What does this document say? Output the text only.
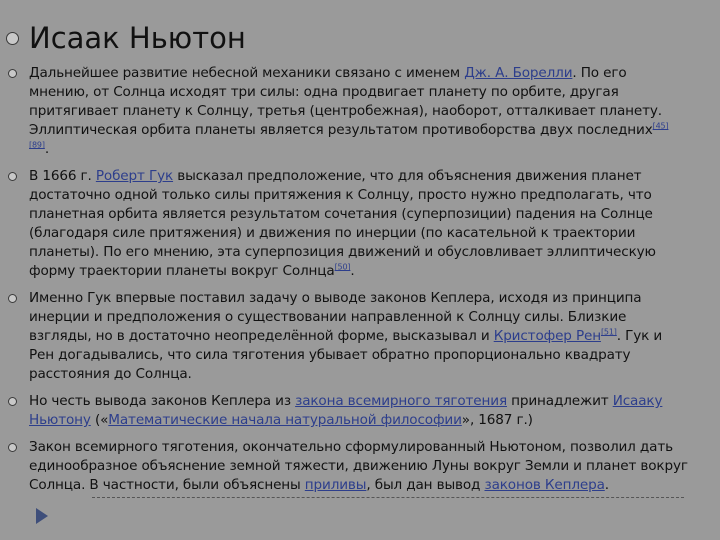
Исаак Ньютон
Дальнейшее развитие небесной механики связано с именем Дж. А. Борелли. По его мнению, от Солнца исходят три силы: одна продвигает планету по орбите, другая притягивает планету к Солнцу, третья (центробежная), наоборот, отталкивает планету. Эллиптическая орбита планеты является результатом противоборства двух последних[45][89].
В 1666 г. Роберт Гук высказал предположение, что для объяснения движения планет достаточно одной только силы притяжения к Солнцу, просто нужно предполагать, что планетная орбита является результатом сочетания (суперпозиции) падения на Солнце (благодаря силе притяжения) и движения по инерции (по касательной к траектории планеты). По его мнению, эта суперпозиция движений и обусловливает эллиптическую форму траектории планеты вокруг Солнца[50].
Именно Гук впервые поставил задачу о выводе законов Кеплера, исходя из принципа инерции и предположения о существовании направленной к Солнцу силы. Близкие взгляды, но в достаточно неопределённой форме, высказывал и Кристофер Рен[51]. Гук и Рен догадывались, что сила тяготения убывает обратно пропорционально квадрату расстояния до Солнца.
Но честь вывода законов Кеплера из закона всемирного тяготения принадлежит Исааку Ньютону («Математические начала натуральной философии», 1687 г.)
Закон всемирного тяготения, окончательно сформулированный Ньютоном, позволил дать единообразное объяснение земной тяжести, движению Луны вокруг Земли и планет вокруг Солнца. В частности, были объяснены приливы, был дан вывод законов Кеплера.
